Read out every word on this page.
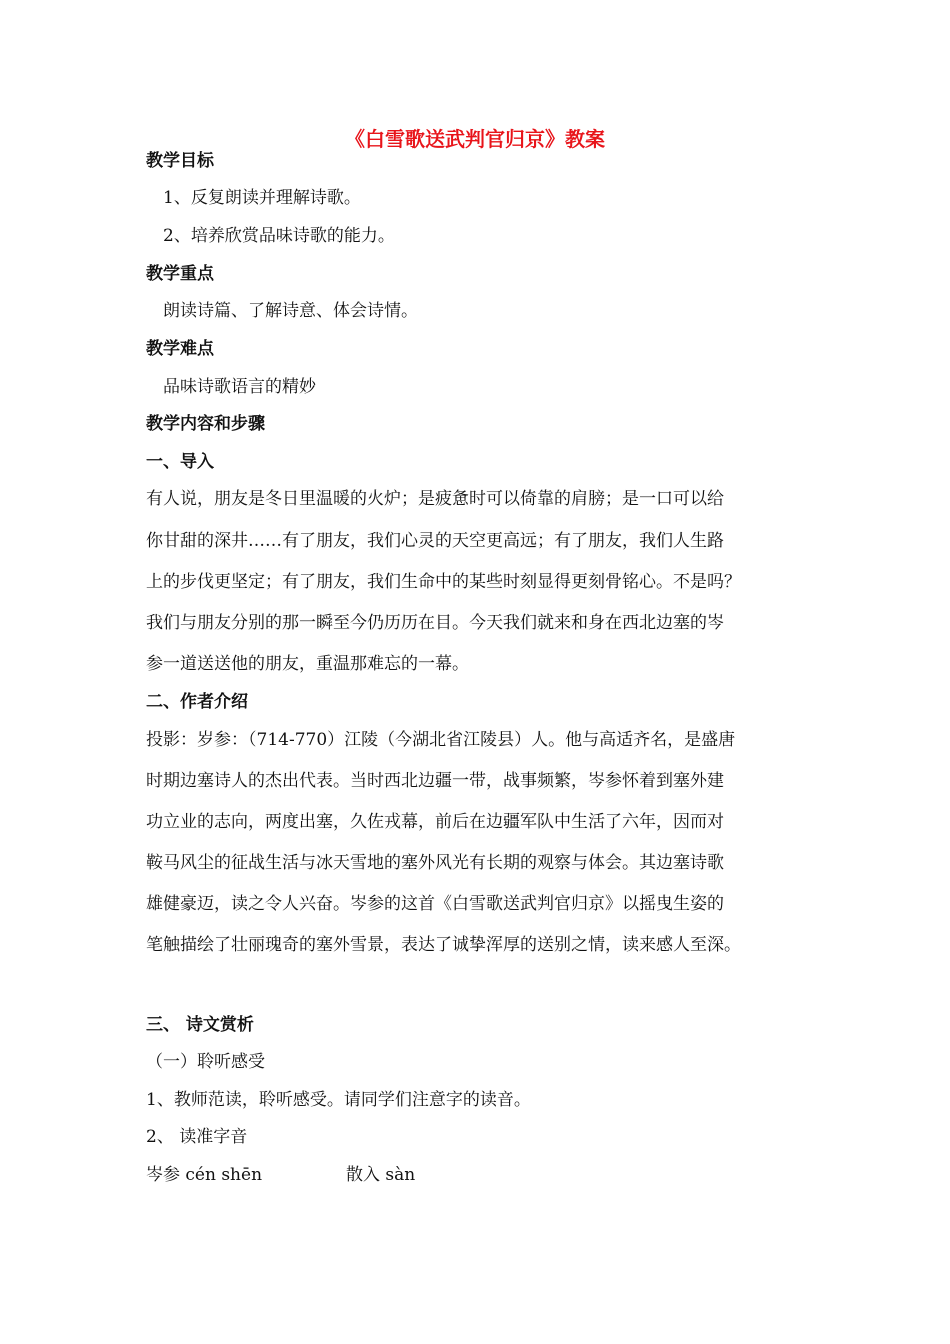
《白雪歌送武判官归京》教案
教学目标
1、反复朗读并理解诗歌。
2、培养欣赏品味诗歌的能力。
教学重点
朗读诗篇、了解诗意、体会诗情。
教学难点
品味诗歌语言的精妙
教学内容和步骤
一、导入
有人说，朋友是冬日里温暖的火炉；是疲惫时可以倚靠的肩膀；是一口可以给
你甘甜的深井……有了朋友，我们心灵的天空更高远；有了朋友，我们人生路
上的步伐更坚定；有了朋友，我们生命中的某些时刻显得更刻骨铭心。不是吗？
我们与朋友分别的那一瞬至今仍历历在目。今天我们就来和身在西北边塞的岑
参一道送送他的朋友，重温那难忘的一幕。
二、作者介绍
投影：岁参：（714-770）江陵（今湖北省江陵县）人。他与高适齐名，是盛唐
时期边塞诗人的杰出代表。当时西北边疆一带，战事频繁，岑参怀着到塞外建
功立业的志向，两度出塞，久佐戎幕，前后在边疆军队中生活了六年，因而对
鞍马风尘的征战生活与冰天雪地的塞外风光有长期的观察与体会。其边塞诗歌
雄健豪迈，读之令人兴奋。岑参的这首《白雪歌送武判官归京》以摇曳生姿的
笔触描绘了壮丽瑰奇的塞外雪景，表达了诚挚浑厚的送别之情，读来感人至深。
三、 诗文赏析
（一）聆听感受
1、教师范读，聆听感受。请同学们注意字的读音。
2、 读准字音
岑参 cén shēn	散入 sàn
